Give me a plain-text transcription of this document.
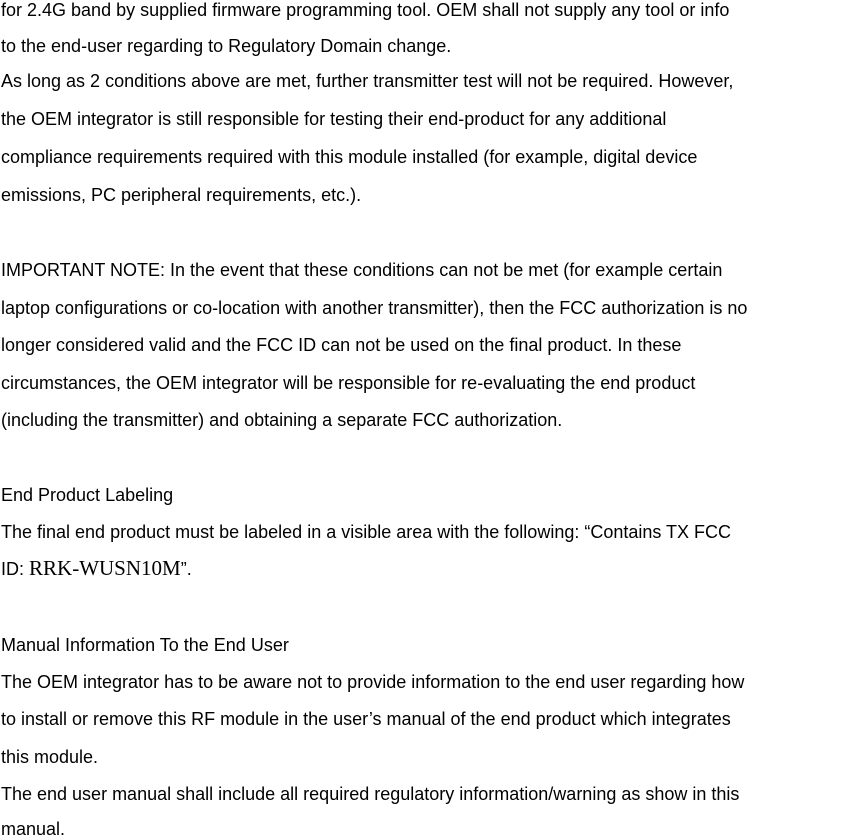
for 2.4G band by supplied firmware programming tool. OEM shall not supply any tool or info
to the end-user regarding to Regulatory Domain change.
As long as 2 conditions above are met, further transmitter test will not be required. However,
the OEM integrator is still responsible for testing their end-product for any additional
compliance requirements required with this module installed (for example, digital device
emissions, PC peripheral requirements, etc.).
IMPORTANT NOTE: In the event that these conditions can not be met (for example certain
laptop configurations or co-location with another transmitter), then the FCC authorization is no
longer considered valid and the FCC ID can not be used on the final product. In these
circumstances, the OEM integrator will be responsible for re-evaluating the end product
(including the transmitter) and obtaining a separate FCC authorization.
End Product Labeling
The final end product must be labeled in a visible area with the following: “Contains TX FCC
ID: RRK-WUSN10M”.
Manual Information To the End User
The OEM integrator has to be aware not to provide information to the end user regarding how
to install or remove this RF module in the user’s manual of the end product which integrates
this module.
The end user manual shall include all required regulatory information/warning as show in this
manual.
